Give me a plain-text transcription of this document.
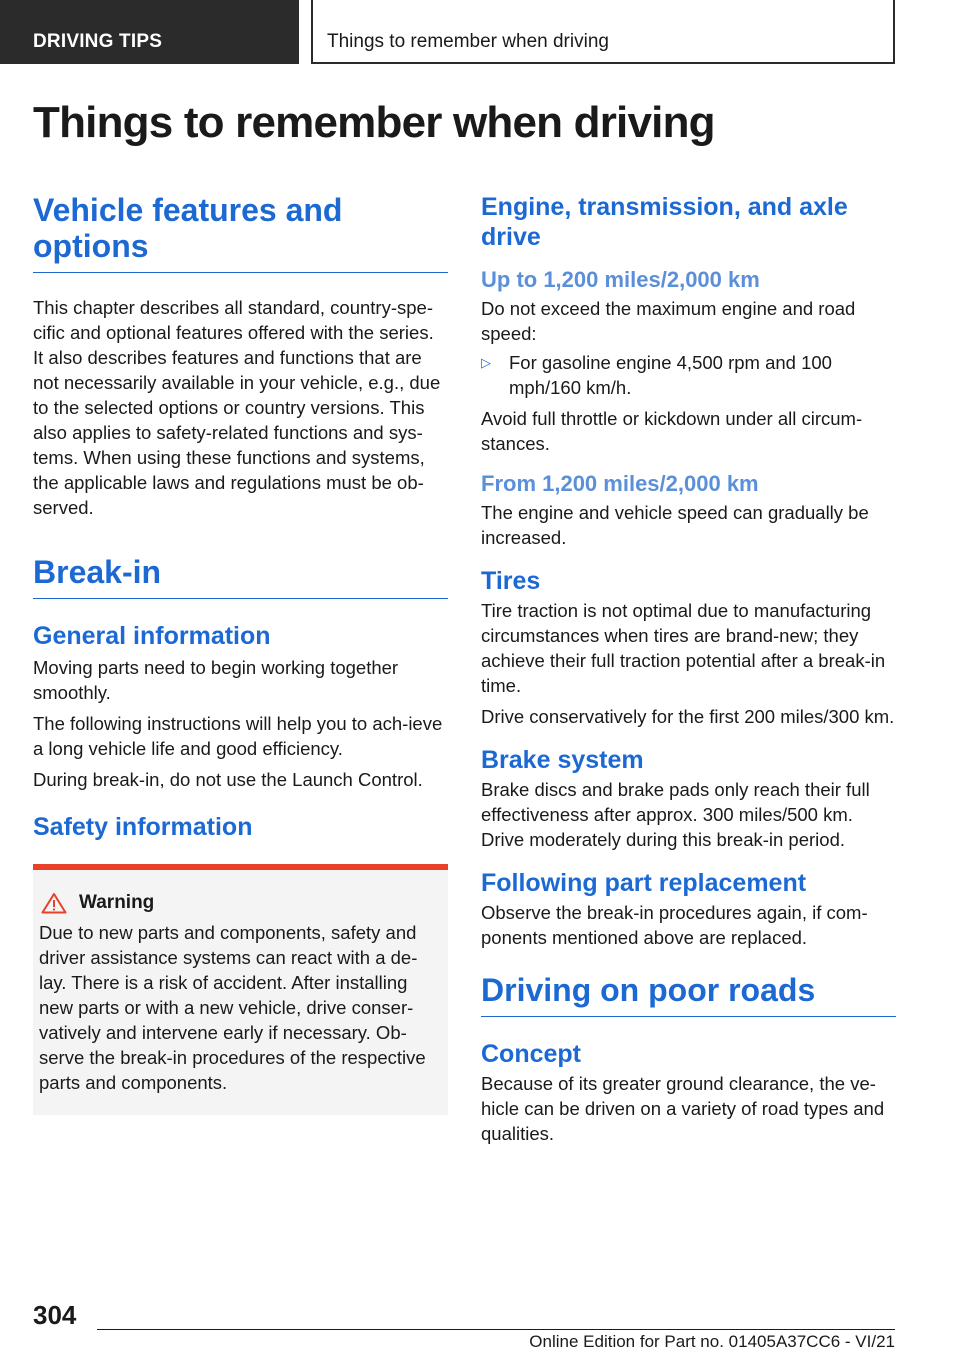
DRIVING TIPS	Things to remember when driving
Things to remember when driving
Vehicle features and options

This chapter describes all standard, country-spe-cific and optional features offered with the series. It also describes features and functions that are not necessarily available in your vehicle, e.g., due to the selected options or country versions. This also applies to safety-related functions and sys-tems. When using these functions and systems, the applicable laws and regulations must be ob-served.

Break-in
General information

Moving parts need to begin working together smoothly.

The following instructions will help you to ach-ieve a long vehicle life and good efficiency.

During break-in, do not use the Launch Control.

Safety information
Warning

Due to new parts and components, safety and driver assistance systems can react with a de-lay. There is a risk of accident. After installing new parts or with a new vehicle, drive conser-vatively and intervene early if necessary. Ob-serve the break-in procedures of the respective parts and components.

Engine, transmission, and axle drive
Up to 1,200 miles/2,000 km

Do not exceed the maximum engine and road speed:

▷ For gasoline engine 4,500 rpm and 100 mph/160 km/h.

Avoid full throttle or kickdown under all circum-stances.

From 1,200 miles/2,000 km

The engine and vehicle speed can gradually be increased.

Tires

Tire traction is not optimal due to manufacturing circumstances when tires are brand-new; they achieve their full traction potential after a break-in time.

Drive conservatively for the first 200 miles/300 km.

Brake system

Brake discs and brake pads only reach their full effectiveness after approx. 300 miles/500 km. Drive moderately during this break-in period.

Following part replacement

Observe the break-in procedures again, if com-ponents mentioned above are replaced.

Driving on poor roads
Concept

Because of its greater ground clearance, the ve-hicle can be driven on a variety of road types and qualities.

304
Online Edition for Part no. 01405A37CC6 - VI/21
